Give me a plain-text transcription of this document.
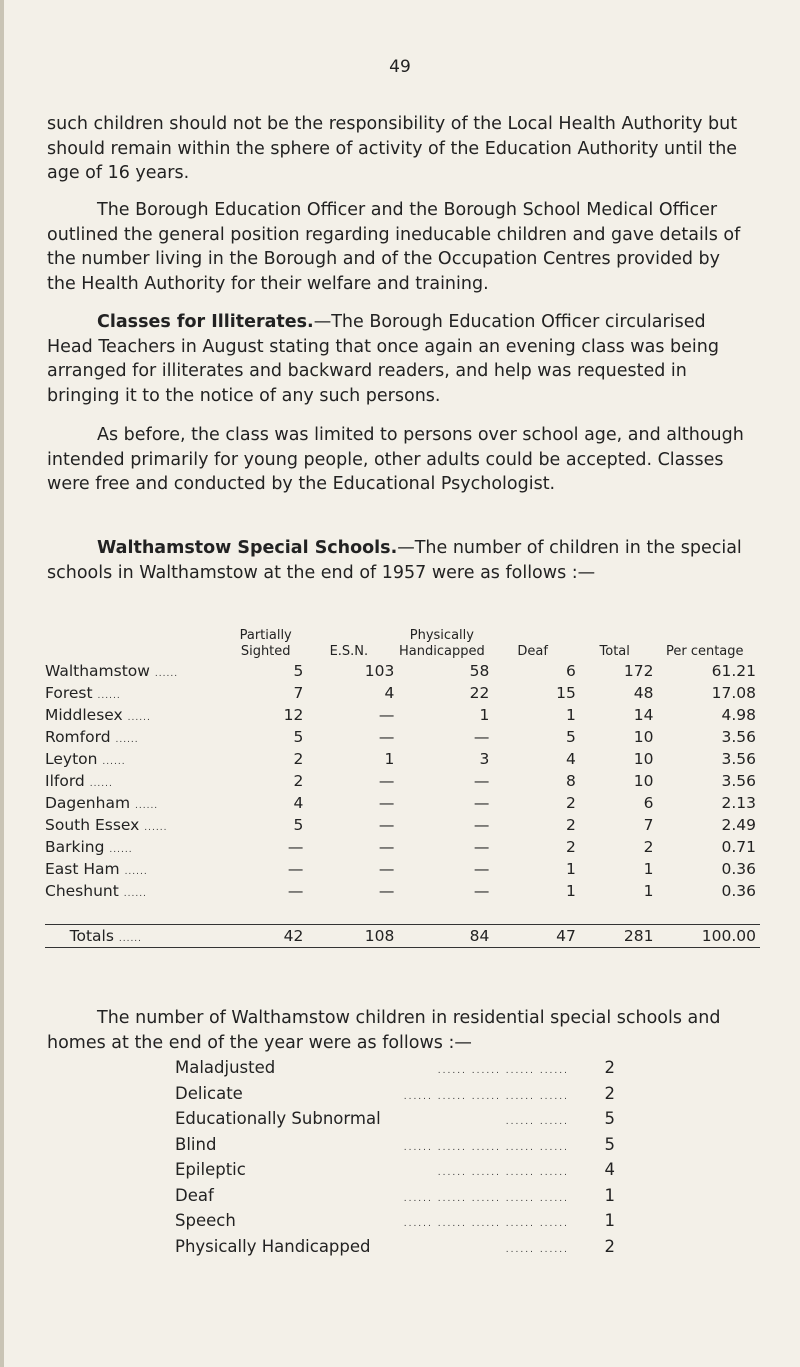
49

such children should not be the responsibility of the Local Health Authority but should remain within the sphere of activity of the Education Authority until the age of 16 years.

The Borough Education Officer and the Borough School Medical Officer outlined the general position regarding ineducable children and gave details of the number living in the Borough and of the Occupation Centres provided by the Health Authority for their welfare and training.

Classes for Illiterates.—The Borough Education Officer circularised Head Teachers in August stating that once again an evening class was being arranged for illiterates and backward readers, and help was requested in bringing it to the notice of any such persons.

As before, the class was limited to persons over school age, and although intended primarily for young people, other adults could be accepted. Classes were free and conducted by the Educational Psychologist.

Walthamstow Special Schools.—The number of children in the special schools in Walthamstow at the end of 1957 were as follows :—

	Partially Sighted	E.S.N.	Physically Handicapped	Deaf	Total	Per centage
Walthamstow ......	5	103	58	6	172	61.21
Forest ......	7	4	22	15	48	17.08
Middlesex ......	12	—	1	1	14	4.98
Romford ......	5	—	—	5	10	3.56
Leyton ......	2	1	3	4	10	3.56
Ilford ......	2	—	—	8	10	3.56
Dagenham ......	4	—	—	2	6	2.13
South Essex ......	5	—	—	2	7	2.49
Barking ......	—	—	—	2	2	0.71
East Ham ......	—	—	—	1	1	0.36
Cheshunt ......	—	—	—	1	1	0.36

Totals ......	42	108	84	47	281	100.00

The number of Walthamstow children in residential special schools and homes at the end of the year were as follows :—

Maladjusted	...... ...... ...... ......	2
Delicate	...... ...... ...... ...... ......	2
Educationally Subnormal	...... ......	5
Blind	...... ...... ...... ...... ......	5
Epileptic	...... ...... ...... ......	4
Deaf	...... ...... ...... ...... ......	1
Speech	...... ...... ...... ...... ......	1
Physically Handicapped	...... ......	2
